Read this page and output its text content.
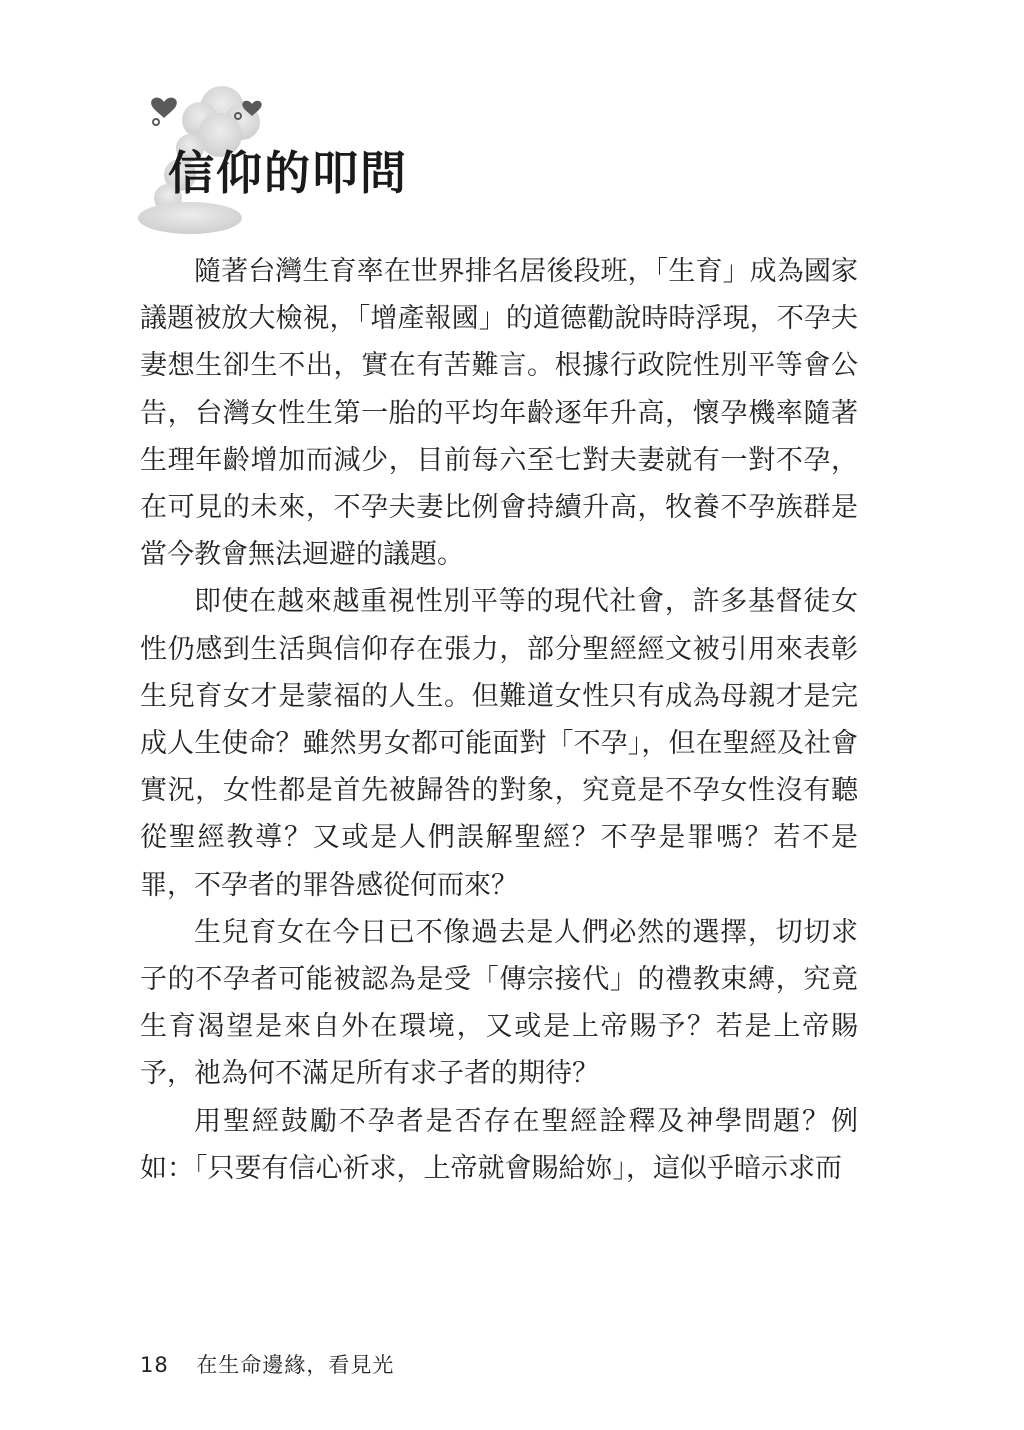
信仰的叩問

隨著台灣生育率在世界排名居後段班，「生育」成為國家議題被放大檢視，「增產報國」的道德勸說時時浮現，不孕夫妻想生卻生不出，實在有苦難言。根據行政院性別平等會公告，台灣女性生第一胎的平均年齡逐年升高，懷孕機率隨著生理年齡增加而減少，目前每六至七對夫妻就有一對不孕，在可見的未來，不孕夫妻比例會持續升高，牧養不孕族群是當今教會無法迴避的議題。

即使在越來越重視性別平等的現代社會，許多基督徒女性仍感到生活與信仰存在張力，部分聖經經文被引用來表彰生兒育女才是蒙福的人生。但難道女性只有成為母親才是完成人生使命？雖然男女都可能面對「不孕」，但在聖經及社會實況，女性都是首先被歸咎的對象，究竟是不孕女性沒有聽從聖經教導？又或是人們誤解聖經？不孕是罪嗎？若不是罪，不孕者的罪咎感從何而來？

生兒育女在今日已不像過去是人們必然的選擇，切切求子的不孕者可能被認為是受「傳宗接代」的禮教束縛，究竟生育渴望是來自外在環境，又或是上帝賜予？若是上帝賜予，祂為何不滿足所有求子者的期待？

用聖經鼓勵不孕者是否存在聖經詮釋及神學問題？例如：「只要有信心祈求，上帝就會賜給妳」，這似乎暗示求而

18 在生命邊緣，看見光
